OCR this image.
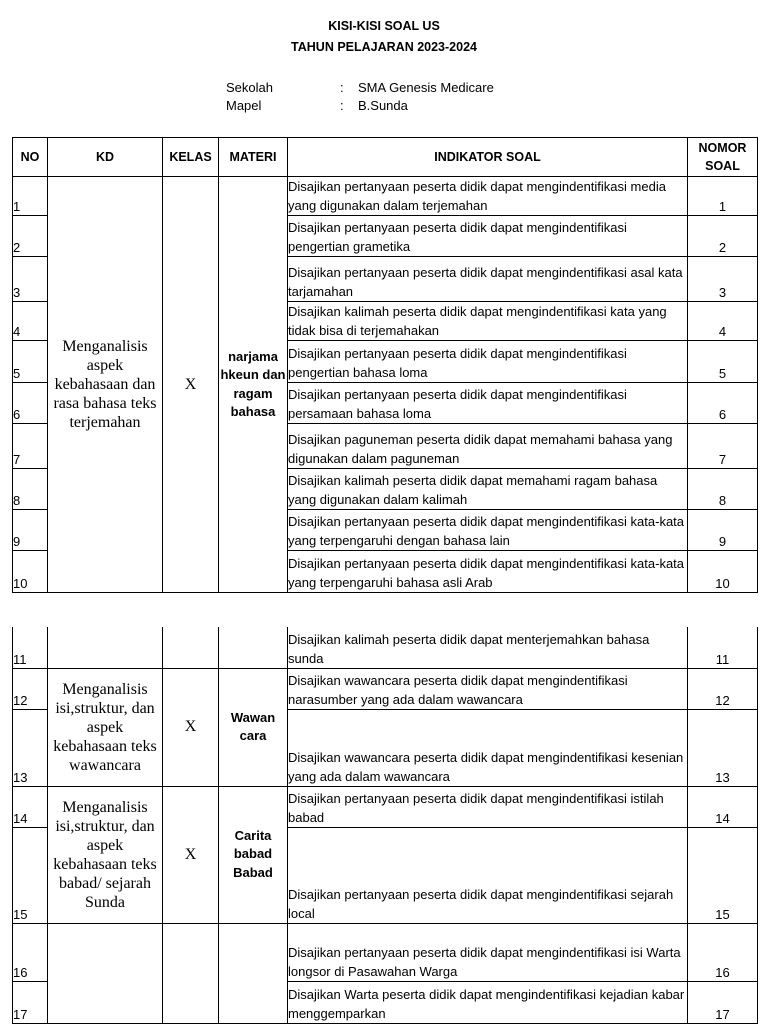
KISI-KISI SOAL US
TAHUN PELAJARAN 2023-2024
Sekolah	: SMA Genesis Medicare
Mapel	: B.Sunda
NO	KD	KELAS	MATERI	INDIKATOR SOAL	NOMOR
SOAL

1	Menganalisis aspek kebahasaan dan rasa bahasa teks terjemahan	X	narjama hkeun dan ragam bahasa	Disajikan pertanyaan peserta didik dapat mengindentifikasi media yang digunakan dalam terjemahan	1
2				Disajikan pertanyaan peserta didik dapat mengindentifikasi pengertian grametika	2
3				Disajikan pertanyaan peserta didik dapat mengindentifikasi asal kata tarjamahan	3
4				Disajikan kalimah peserta didik dapat mengindentifikasi kata yang tidak bisa di terjemahakan	4
5				Disajikan pertanyaan peserta didik dapat mengindentifikasi pengertian bahasa loma	5
6				Disajikan pertanyaan peserta didik dapat mengindentifikasi persamaan bahasa loma	6
7				Disajikan paguneman peserta didik dapat memahami bahasa yang digunakan dalam paguneman	7
8				Disajikan kalimah peserta didik dapat memahami ragam bahasa yang digunakan dalam kalimah	8
9				Disajikan pertanyaan peserta didik dapat mengindentifikasi kata-kata yang terpengaruhi dengan bahasa lain	9
10				Disajikan pertanyaan peserta didik dapat mengindentifikasi kata-kata yang terpengaruhi bahasa asli Arab	10
11				Disajikan kalimah peserta didik dapat menterjemahkan bahasa sunda	11
12	Menganalisis isi,struktur, dan aspek kebahasaan teks wawancara	X	Wawan cara	Disajikan wawancara peserta didik dapat mengindentifikasi narasumber yang ada dalam wawancara	12
13				Disajikan wawancara peserta didik dapat mengindentifikasi kesenian yang ada dalam wawancara	13
14	Menganalisis isi,struktur, dan aspek kebahasaan teks babad/ sejarah Sunda	X	Carita babad Babad	Disajikan pertanyaan peserta didik dapat mengindentifikasi istilah babad	14
15				Disajikan pertanyaan peserta didik dapat mengindentifikasi sejarah local	15
16				Disajikan pertanyaan peserta didik dapat mengindentifikasi isi Warta longsor di Pasawahan Warga	16
17				Disajikan Warta peserta didik dapat mengindentifikasi kejadian kabar menggemparkan	17
